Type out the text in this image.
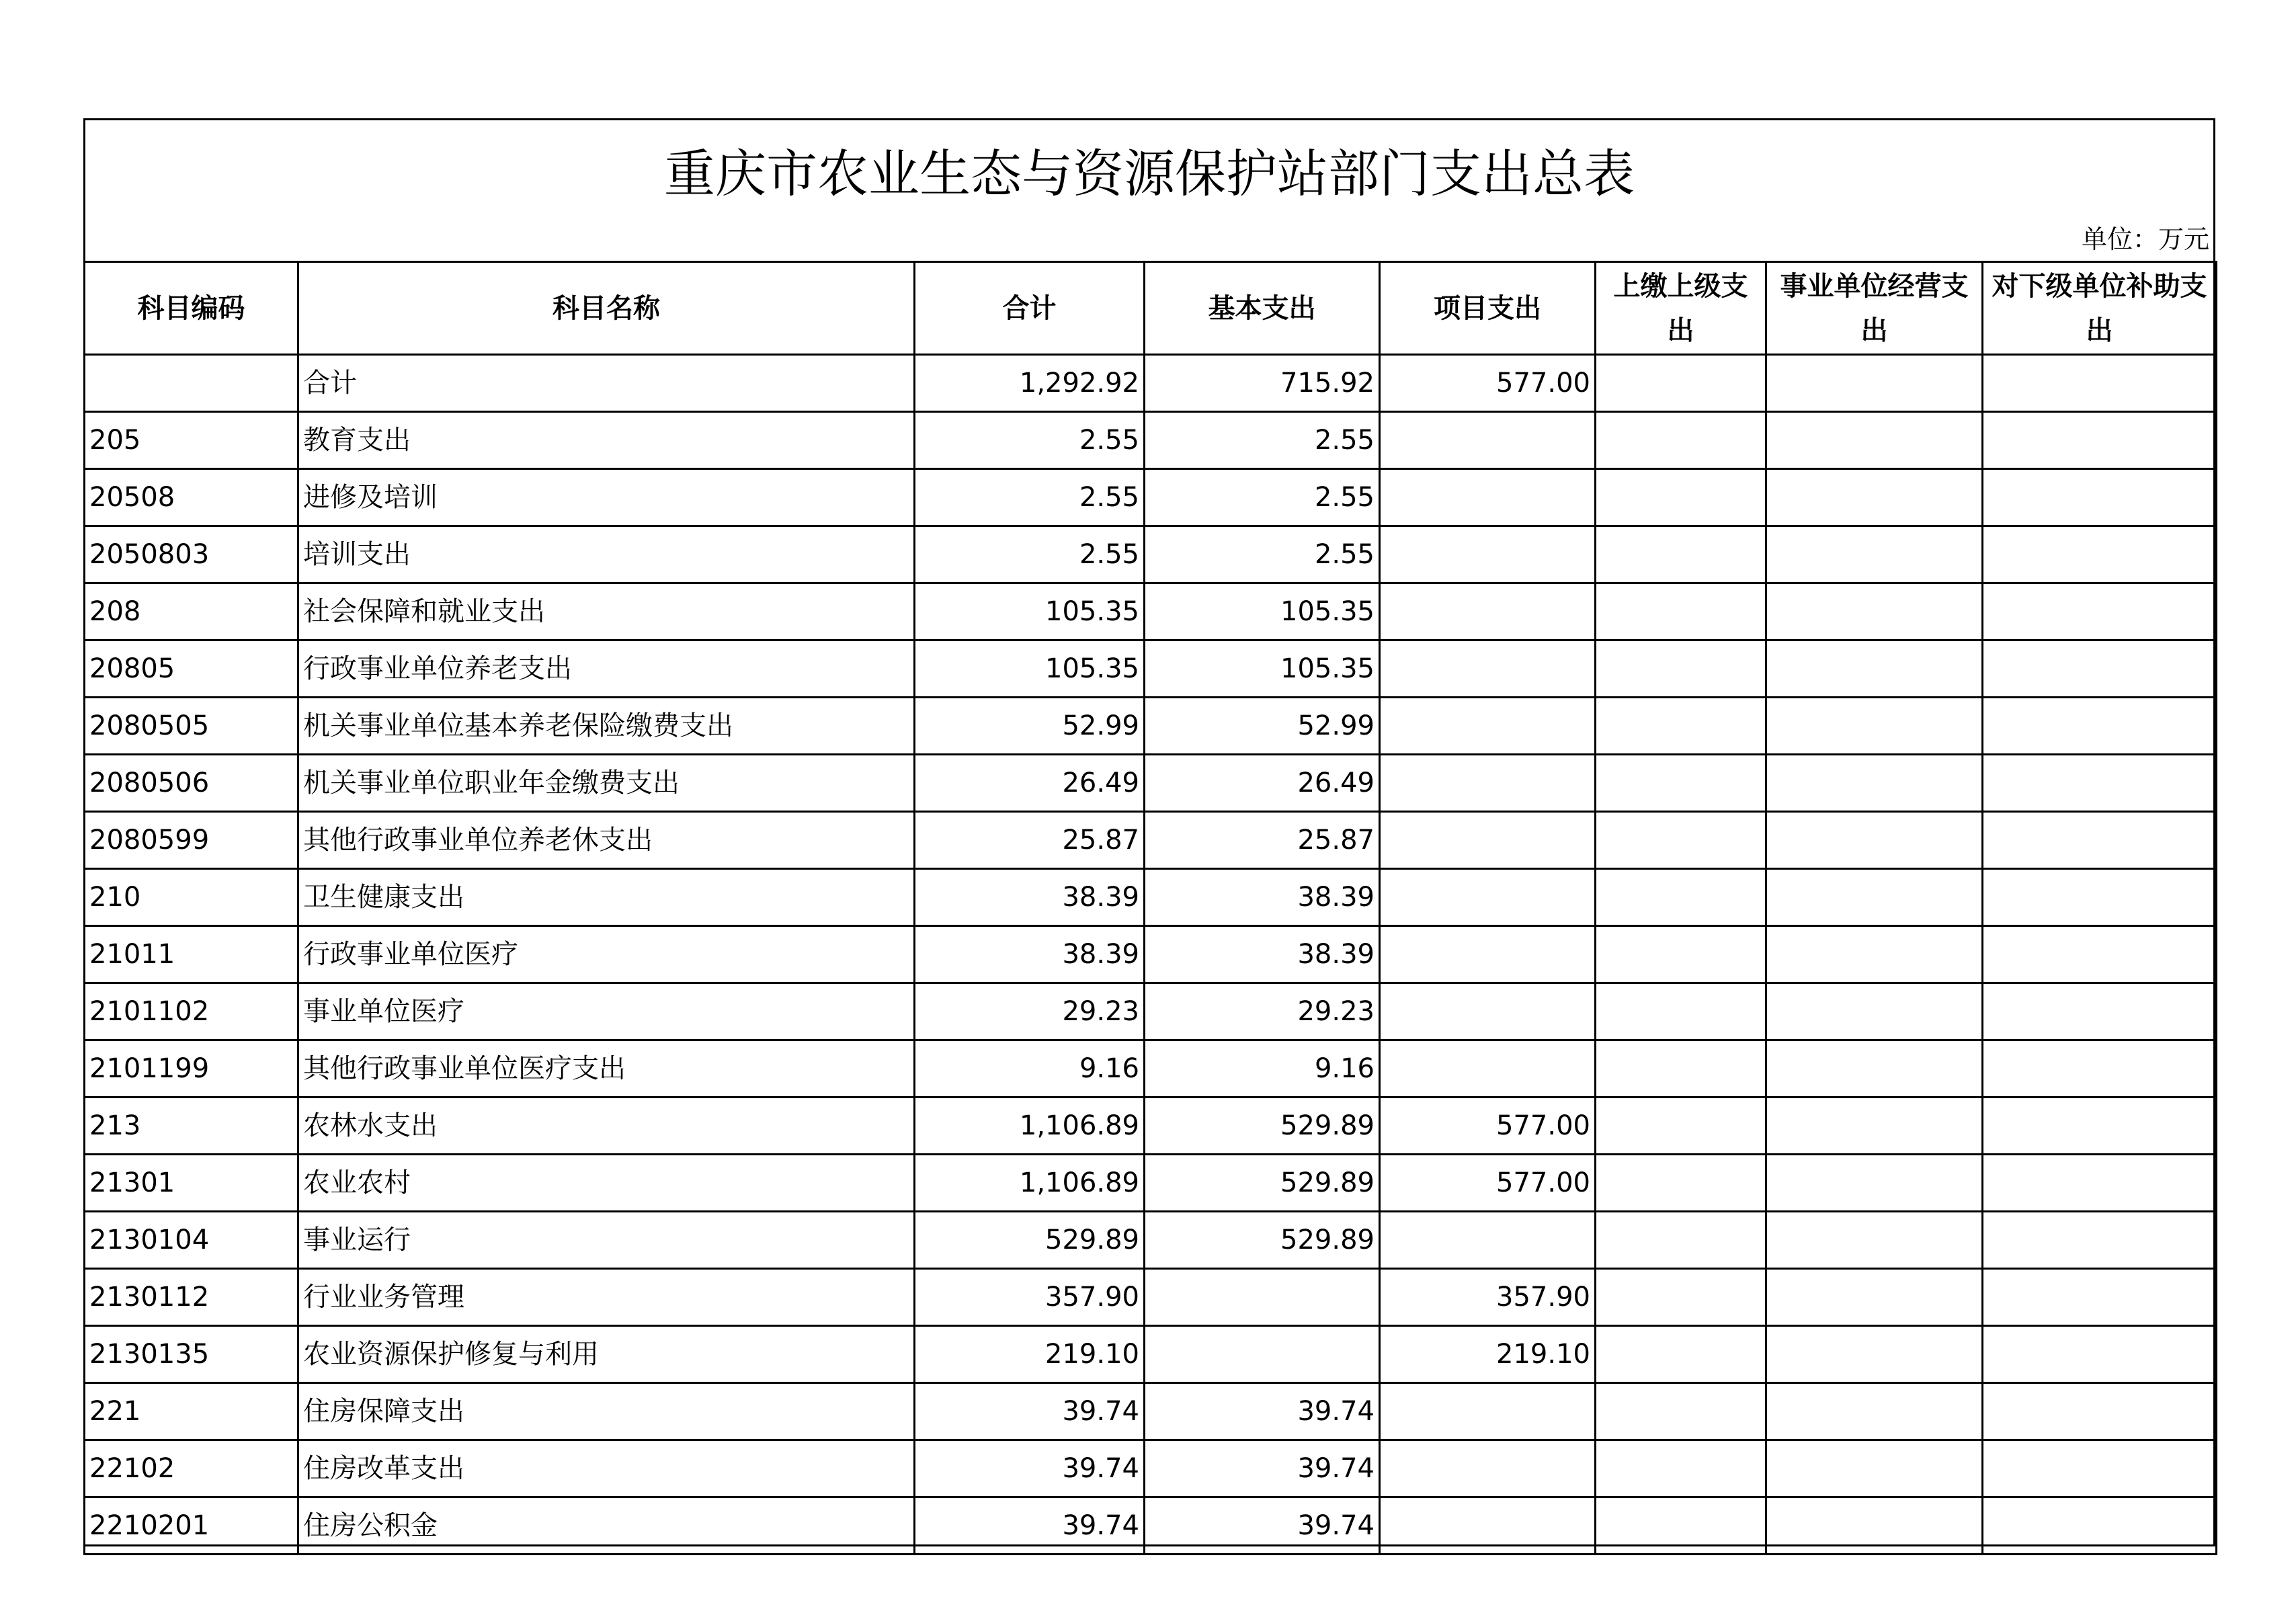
重庆市农业生态与资源保护站部门支出总表
单位：万元
科目编码	科目名称	合计	基本支出	项目支出	上缴上级支出	事业单位经营支出	对下级单位补助支出
	合计	1,292.92	715.92	577.00			
205	教育支出	2.55	2.55				
20508	进修及培训	2.55	2.55				
2050803	培训支出	2.55	2.55				
208	社会保障和就业支出	105.35	105.35				
20805	行政事业单位养老支出	105.35	105.35				
2080505	机关事业单位基本养老保险缴费支出	52.99	52.99				
2080506	机关事业单位职业年金缴费支出	26.49	26.49				
2080599	其他行政事业单位养老休支出	25.87	25.87				
210	卫生健康支出	38.39	38.39				
21011	行政事业单位医疗	38.39	38.39				
2101102	事业单位医疗	29.23	29.23				
2101199	其他行政事业单位医疗支出	9.16	9.16				
213	农林水支出	1,106.89	529.89	577.00			
21301	农业农村	1,106.89	529.89	577.00			
2130104	事业运行	529.89	529.89				
2130112	行业业务管理	357.90		357.90			
2130135	农业资源保护修复与利用	219.10		219.10			
221	住房保障支出	39.74	39.74				
22102	住房改革支出	39.74	39.74				
2210201	住房公积金	39.74	39.74				
